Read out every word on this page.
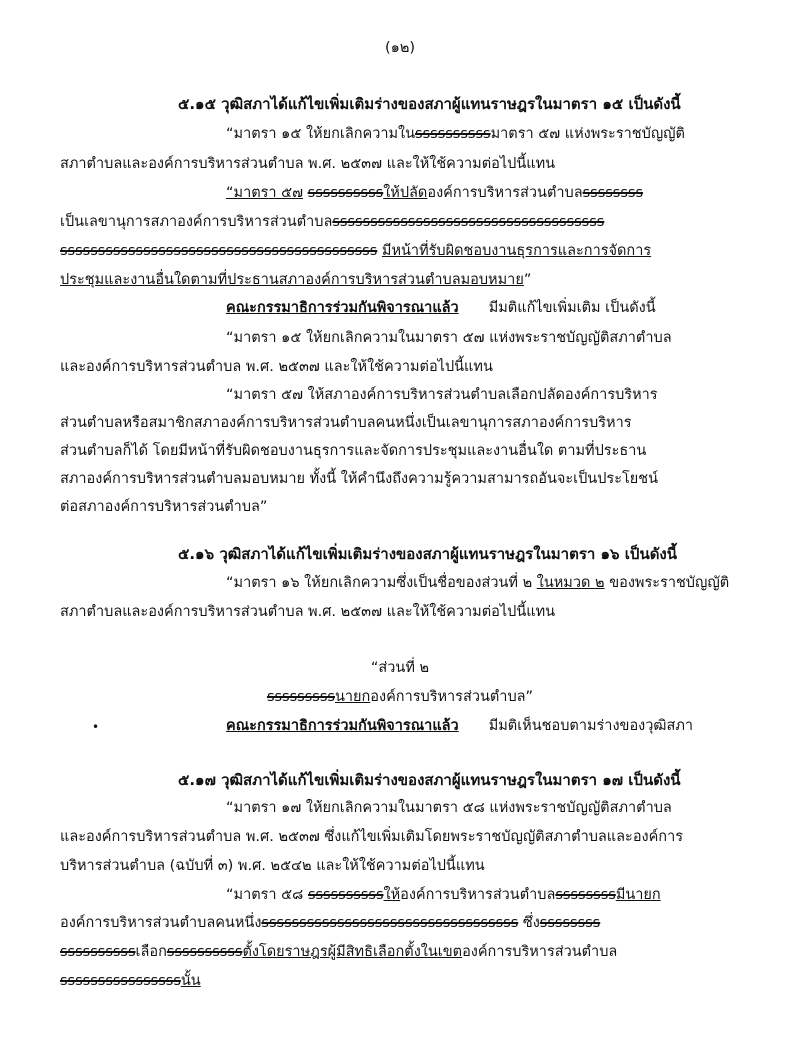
(๑๒)
๕.๑๕ วุฒิสภาได้แก้ไขเพิ่มเติมร่างของสภาผู้แทนราษฎรในมาตรา ๑๕ เป็นดังนี้
“มาตรา ๑๕ ให้ยกเลิกความในssssssssssมาตรา ๕๗ แห่งพระราชบัญญัติ
สภาตำบลและองค์การบริหารส่วนตำบล พ.ศ. ๒๕๓๗ และให้ใช้ความต่อไปนี้แทน
“มาตรา ๕๗ ssssssssssให้ปลัดองค์การบริหารส่วนตำบลssssssss
เป็นเลขานุการสภาองค์การบริหารส่วนตำบลssssssssssssssssssssssssssssssssssss
ssssssssssssssssssssssssssssssssssssssssss มีหน้าที่รับผิดชอบงานธุรการและการจัดการ
ประชุมและงานอื่นใดตามที่ประธานสภาองค์การบริหารส่วนตำบลมอบหมาย”
คณะกรรมาธิการร่วมกันพิจารณาแล้ว มีมติแก้ไขเพิ่มเติม เป็นดังนี้
“มาตรา ๑๕ ให้ยกเลิกความในมาตรา ๕๗ แห่งพระราชบัญญัติสภาตำบล
และองค์การบริหารส่วนตำบล พ.ศ. ๒๕๓๗ และให้ใช้ความต่อไปนี้แทน
“มาตรา ๕๗ ให้สภาองค์การบริหารส่วนตำบลเลือกปลัดองค์การบริหาร
ส่วนตำบลหรือสมาชิกสภาองค์การบริหารส่วนตำบลคนหนึ่งเป็นเลขานุการสภาองค์การบริหาร
ส่วนตำบลก็ได้ โดยมีหน้าที่รับผิดชอบงานธุรการและจัดการประชุมและงานอื่นใด ตามที่ประธาน
สภาองค์การบริหารส่วนตำบลมอบหมาย ทั้งนี้ ให้คำนึงถึงความรู้ความสามารถอันจะเป็นประโยชน์
ต่อสภาองค์การบริหารส่วนตำบล”
๕.๑๖ วุฒิสภาได้แก้ไขเพิ่มเติมร่างของสภาผู้แทนราษฎรในมาตรา ๑๖ เป็นดังนี้
“มาตรา ๑๖ ให้ยกเลิกความซึ่งเป็นชื่อของส่วนที่ ๒ ในหมวด ๒ ของพระราชบัญญัติ
สภาตำบลและองค์การบริหารส่วนตำบล พ.ศ. ๒๕๓๗ และให้ใช้ความต่อไปนี้แทน
“ส่วนที่ ๒
sssssssssนายกองค์การบริหารส่วนตำบล”
•	คณะกรรมาธิการร่วมกันพิจารณาแล้ว มีมติเห็นชอบตามร่างของวุฒิสภา
๕.๑๗ วุฒิสภาได้แก้ไขเพิ่มเติมร่างของสภาผู้แทนราษฎรในมาตรา ๑๗ เป็นดังนี้
“มาตรา ๑๗ ให้ยกเลิกความในมาตรา ๕๘ แห่งพระราชบัญญัติสภาตำบล
และองค์การบริหารส่วนตำบล พ.ศ. ๒๕๓๗ ซึ่งแก้ไขเพิ่มเติมโดยพระราชบัญญัติสภาตำบลและองค์การ
บริหารส่วนตำบล (ฉบับที่ ๓) พ.ศ. ๒๕๔๒ และให้ใช้ความต่อไปนี้แทน
“มาตรา ๕๘ ssssssssssให้องค์การบริหารส่วนตำบลssssssssมีนายก
องค์การบริหารส่วนตำบลคนหนึ่งssssssssssssssssssssssssssssssssss ซึ่งssssssss
ssssssssssเลือกssssssssssตั้งโดยราษฎรผู้มีสิทธิเลือกตั้งในเขตองค์การบริหารส่วนตำบล
ssssssssssssssssนั้น
